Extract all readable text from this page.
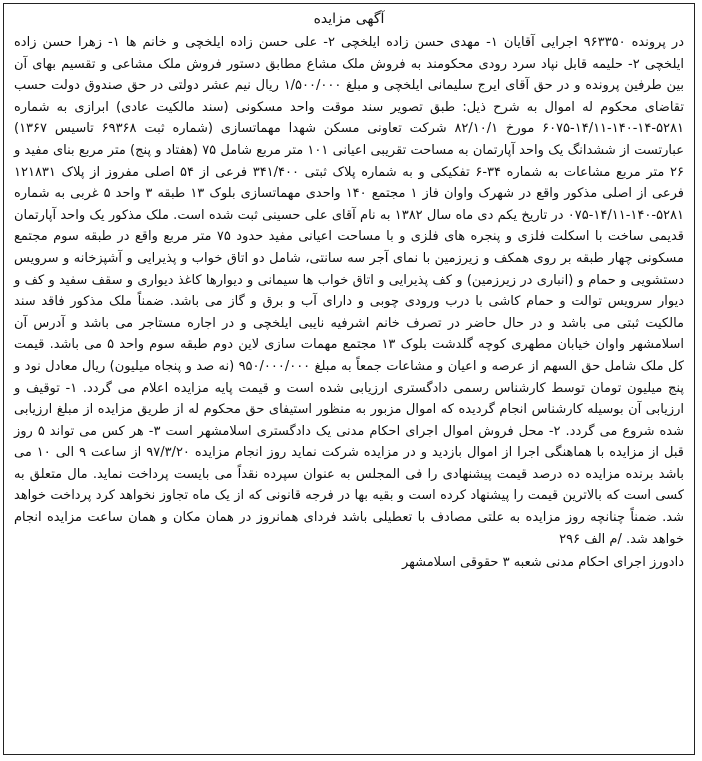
آگهی مزایده

در پرونده ۹۶۳۳۵۰ اجرایی آقایان ۱- مهدی حسن زاده ایلخچی ۲- علی حسن زاده ایلخچی و خانم ها ۱- زهرا حسن زاده ایلخچی ۲- حلیمه قابل نپاد سرد رودی محکومند به فروش ملک مشاع مطابق دستور فروش ملک مشاعی و تقسیم بهای آن بین طرفین پرونده و در حق آقای ایرج سلیمانی ایلخچی و مبلغ ۱/۵۰۰/۰۰۰ ریال نیم عشر دولتی در حق صندوق دولت حسب تقاضای محکوم له اموال به شرح ذیل: طبق تصویر سند موقت واحد مسکونی (سند مالکیت عادی) ابرازی به شماره ۵۲۸۱-۱۴-۱۴۰-۱۴/۱۱-۶۰۷۵ مورخ ۸۲/۱۰/۱ شرکت تعاونی مسکن شهدا مهماتسازی (شماره ثبت ۶۹۳۶۸ تاسیس ۱۳۶۷) عبارتست از ششدانگ یک واحد آپارتمان به مساحت تقریبی اعیانی ۱۰۱ متر مربع شامل ۷۵ (هفتاد و پنج) متر مربع بنای مفید و ۲۶ متر مربع مشاعات به شماره ۳۴-۶ تفکیکی و به شماره پلاک ثبتی ۳۴۱/۴۰۰ فرعی از ۵۴ اصلی مفروز از پلاک ۱۲۱۸۳۱ فرعی از اصلی مذکور واقع در شهرک واوان فاز ۱ مجتمع ۱۴۰ واحدی مهماتسازی بلوک ۱۳ طبقه ۳ واحد ۵ غربی به شماره ۵۲۸۱-۱۴۰-۱۴/۱۱-۰۷۵ در تاریخ یکم دی ماه سال ۱۳۸۲ به نام آقای علی حسینی ثبت شده است. ملک مذکور یک واحد آپارتمان قدیمی ساخت با اسکلت فلزی و پنجره های فلزی و با مساحت اعیانی مفید حدود ۷۵ متر مربع واقع در طبقه سوم مجتمع مسکونی چهار طبقه بر روی همکف و زیرزمین با نمای آجر سه سانتی، شامل دو اتاق خواب و پذیرایی و آشپزخانه و سرویس دستشویی و حمام و (انباری در زیرزمین) و کف پذیرایی و اتاق خواب ها سیمانی و دیوارها کاغذ دیواری و سقف سفید و کف و دیوار سرویس توالت و حمام کاشی با درب ورودی چوبی و دارای آب و برق و گاز می باشد. ضمناً ملک مذکور فاقد سند مالکیت ثبتی می باشد و در حال حاضر در تصرف خانم اشرفیه نایبی ایلخچی و در اجاره مستاجر می باشد و آدرس آن اسلامشهر واوان خیابان مطهری کوچه گلدشت بلوک ۱۳ مجتمع مهمات سازی لاین دوم طبقه سوم واحد ۵ می باشد. قیمت کل ملک شامل حق السهم از عرصه و اعیان و مشاعات جمعاً به مبلغ ۹۵۰/۰۰۰/۰۰۰ (نه صد و پنجاه میلیون) ریال معادل نود و پنج میلیون تومان توسط کارشناس رسمی دادگستری ارزیابی شده است و قیمت پایه مزایده اعلام می گردد. ۱- توقیف و ارزیابی آن بوسیله کارشناس انجام گردیده که اموال مزبور به منظور استیفای حق محکوم له از طریق مزایده از مبلغ ارزیابی شده شروع می گردد. ۲- محل فروش اموال اجرای احکام مدنی یک دادگستری اسلامشهر است ۳- هر کس می تواند ۵ روز قبل از مزایده با هماهنگی اجرا از اموال بازدید و در مزایده شرکت نماید روز انجام مزایده ۹۷/۳/۲۰ از ساعت ۹ الی ۱۰ می باشد برنده مزایده ده درصد قیمت پیشنهادی را فی المجلس به عنوان سپرده نقداً می بایست پرداخت نماید. مال متعلق به کسی است که بالاترین قیمت را پیشنهاد کرده است و بقیه بها در فرجه قانونی که از یک ماه تجاوز نخواهد کرد پرداخت خواهد شد. ضمناً چنانچه روز مزایده به علتی مصادف با تعطیلی باشد فردای همانروز در همان مکان و همان ساعت مزایده انجام خواهد شد. /م الف ۲۹۶

دادورز اجرای احکام مدنی شعبه ۳ حقوقی اسلامشهر
